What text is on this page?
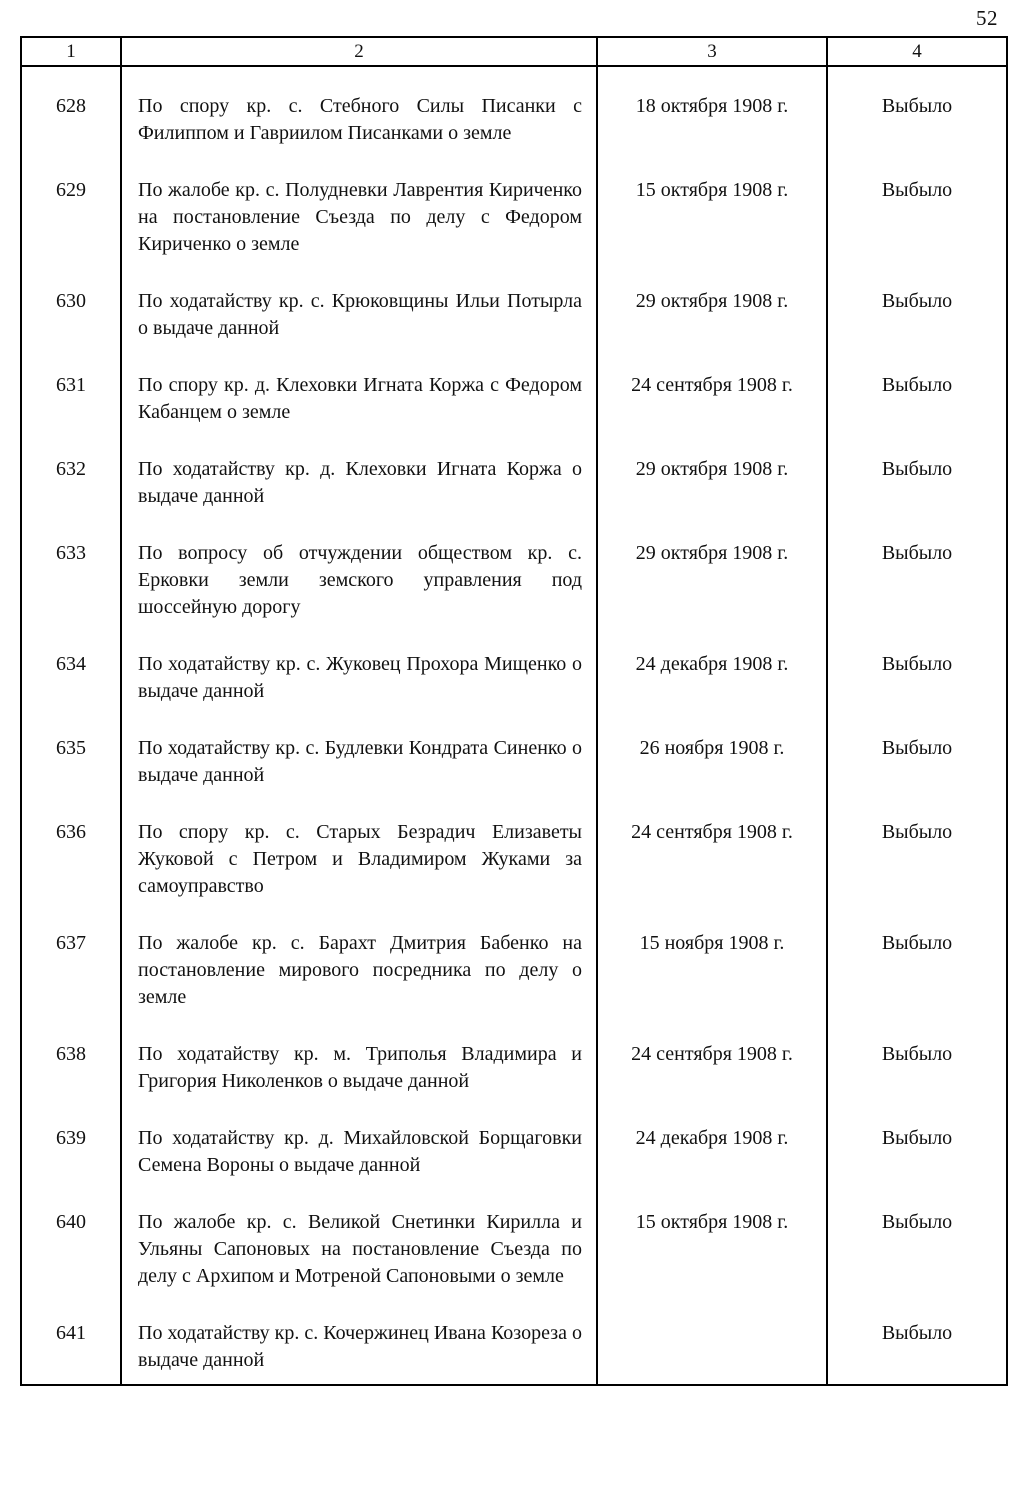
52
1	2	3	4
628	По спору кр. с. Стебного Силы Писанки с Филиппом и Гавриилом Писанками о земле	18 октября 1908 г.	Выбыло
629	По жалобе кр. с. Полудневки Лаврентия Кириченко на постановление Съезда по делу с Федором Кириченко о земле	15 октября 1908 г.	Выбыло
630	По ходатайству кр. с. Крюковщины Ильи Потырла о выдаче данной	29 октября 1908 г.	Выбыло
631	По спору кр. д. Клеховки Игната Коржа с Федором Кабанцем о земле	24 сентября 1908 г.	Выбыло
632	По ходатайству кр. д. Клеховки Игната Коржа о выдаче данной	29 октября 1908 г.	Выбыло
633	По вопросу об отчуждении обществом кр. с. Ерковки земли земского управления под шоссейную дорогу	29 октября 1908 г.	Выбыло
634	По ходатайству кр. с. Жуковец Прохора Мищенко о выдаче данной	24 декабря 1908 г.	Выбыло
635	По ходатайству кр. с. Будлевки Кондрата Синенко о выдаче данной	26 ноября 1908 г.	Выбыло
636	По спору кр. с. Старых Безрадич Елизаветы Жуковой с Петром и Владимиром Жуками за самоуправство	24 сентября 1908 г.	Выбыло
637	По жалобе кр. с. Барахт Дмитрия Бабенко на постановление мирового посредника по делу о земле	15 ноября 1908 г.	Выбыло
638	По ходатайству кр. м. Триполья Владимира и Григория Николенков о выдаче данной	24 сентября 1908 г.	Выбыло
639	По ходатайству кр. д. Михайловской Борщаговки Семена Вороны о выдаче данной	24 декабря 1908 г.	Выбыло
640	По жалобе кр. с. Великой Снетинки Кирилла и Ульяны Сапоновых на постановление Съезда по делу с Архипом и Мотреной Сапоновыми о земле	15 октября 1908 г.	Выбыло
641	По ходатайству кр. с. Кочержинец Ивана Козореза о выдаче данной		Выбыло
